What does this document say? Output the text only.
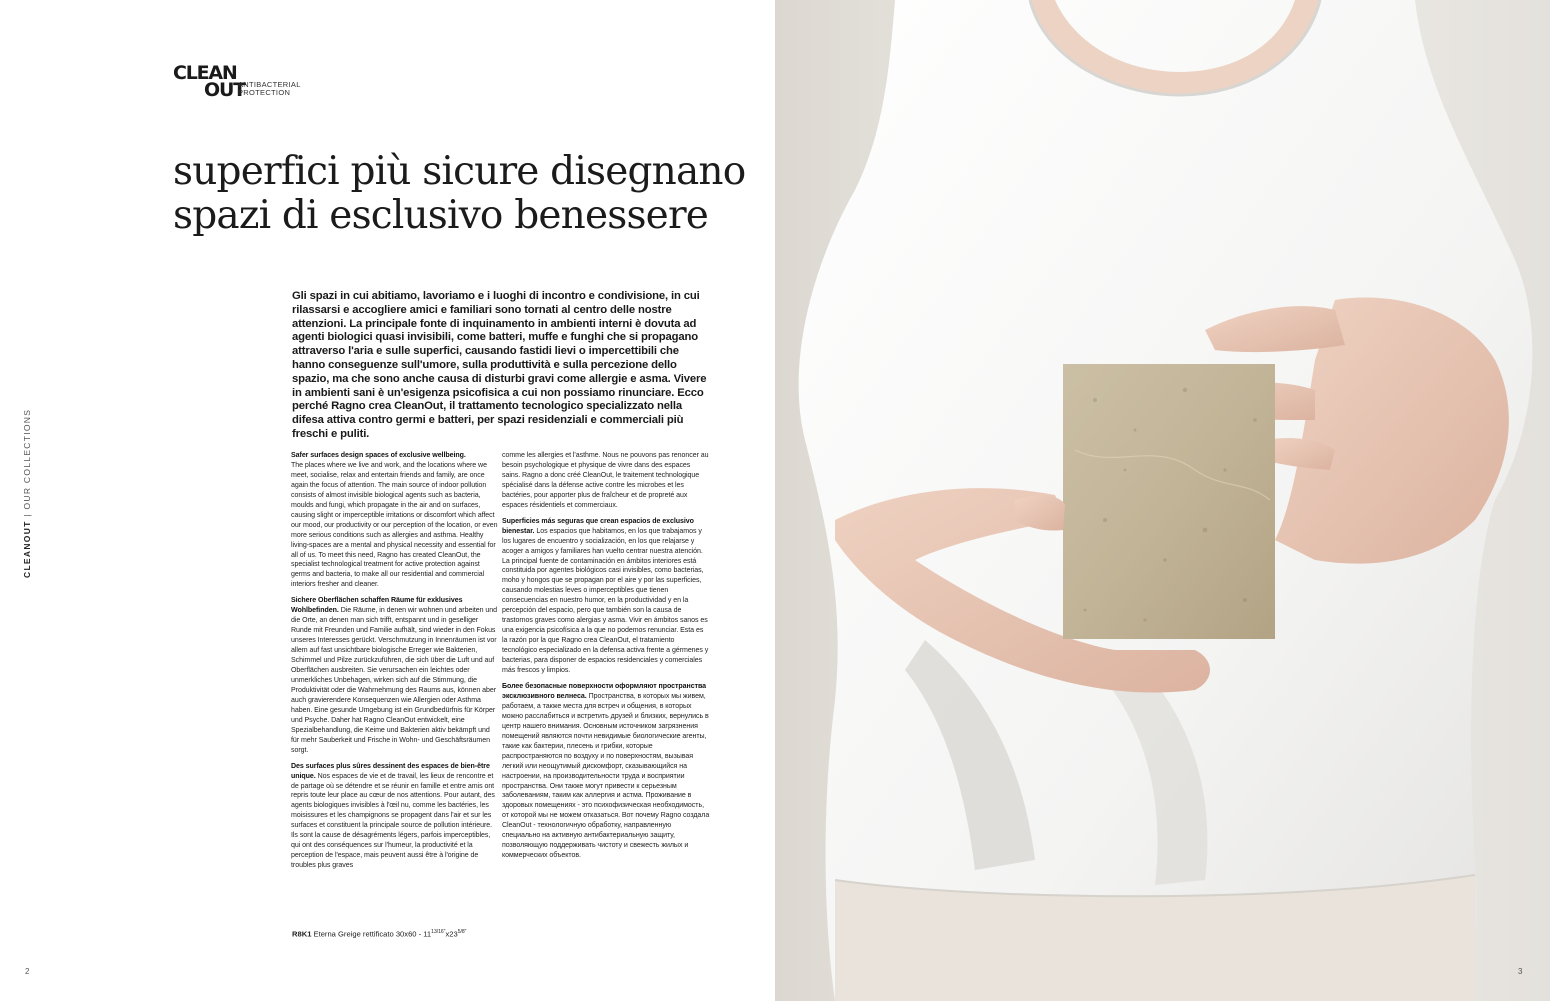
CLEAN
OUT
ANTIBACTERIAL
PROTECTION
superfici più sicure disegnano
spazi di esclusivo benessere
CLEANOUT | OUR COLLECTIONS

Gli spazi in cui abitiamo, lavoriamo e i luoghi di incontro e condivisione, in cui rilassarsi e accogliere amici e familiari sono tornati al centro delle nostre attenzioni. La principale fonte di inquinamento in ambienti interni è dovuta ad agenti biologici quasi invisibili, come batteri, muffe e funghi che si propagano attraverso l'aria e sulle superfici, causando fastidi lievi o impercettibili che hanno conseguenze sull'umore, sulla produttività e sulla percezione dello spazio, ma che sono anche causa di disturbi gravi come allergie e asma. Vivere in ambienti sani è un'esigenza psicofisica a cui non possiamo rinunciare. Ecco perché Ragno crea CleanOut, il trattamento tecnologico specializzato nella difesa attiva contro germi e batteri, per spazi residenziali e commerciali più freschi e puliti.

Safer surfaces design spaces of exclusive wellbeing.
The places where we live and work, and the locations where we meet, socialise, relax and entertain friends and family, are once again the focus of attention. The main source of indoor pollution consists of almost invisible biological agents such as bacteria, moulds and fungi, which propagate in the air and on surfaces, causing slight or imperceptible irritations or discomfort which affect our mood, our productivity or our perception of the location, or even more serious conditions such as allergies and asthma. Healthy living-spaces are a mental and physical necessity and essential for all of us. To meet this need, Ragno has created CleanOut, the specialist technological treatment for active protection against germs and bacteria, to make all our residential and commercial interiors fresher and cleaner.

Sichere Oberflächen schaffen Räume für exklusives Wohlbefinden. Die Räume, in denen wir wohnen und arbeiten und die Orte, an denen man sich trifft, entspannt und in geselliger Runde mit Freunden und Familie aufhält, sind wieder in den Fokus unseres Interesses gerückt. Verschmutzung in Innenräumen ist vor allem auf fast unsichtbare biologische Erreger wie Bakterien, Schimmel und Pilze zurückzuführen, die sich über die Luft und auf Oberflächen ausbreiten. Sie verursachen ein leichtes oder unmerkliches Unbehagen, wirken sich auf die Stimmung, die Produktivität oder die Wahrnehmung des Raums aus, können aber auch gravierendere Konsequenzen wie Allergien oder Asthma haben. Eine gesunde Umgebung ist ein Grundbedürfnis für Körper und Psyche. Daher hat Ragno CleanOut entwickelt, eine Spezialbehandlung, die Keime und Bakterien aktiv bekämpft und für mehr Sauberkeit und Frische in Wohn- und Geschäftsräumen sorgt.

Des surfaces plus sûres dessinent des espaces de bien-être unique. Nos espaces de vie et de travail, les lieux de rencontre et de partage où se détendre et se réunir en famille et entre amis ont repris toute leur place au cœur de nos attentions. Pour autant, des agents biologiques invisibles à l'œil nu, comme les bactéries, les moisissures et les champignons se propagent dans l'air et sur les surfaces et constituent la principale source de pollution intérieure. Ils sont la cause de désagréments légers, parfois imperceptibles, qui ont des conséquences sur l'humeur, la productivité et la perception de l'espace, mais peuvent aussi être à l'origine de troubles plus graves

comme les allergies et l'asthme. Nous ne pouvons pas renoncer au besoin psychologique et physique de vivre dans des espaces sains. Ragno a donc créé CleanOut, le traitement technologique spécialisé dans la défense active contre les microbes et les bactéries, pour apporter plus de fraîcheur et de propreté aux espaces résidentiels et commerciaux.

Superficies más seguras que crean espacios de exclusivo bienestar. Los espacios que habitamos, en los que trabajamos y los lugares de encuentro y socialización, en los que relajarse y acoger a amigos y familiares han vuelto centrar nuestra atención. La principal fuente de contaminación en ámbitos interiores está constituida por agentes biológicos casi invisibles, como bacterias, moho y hongos que se propagan por el aire y por las superficies, causando molestias leves o imperceptibles que tienen consecuencias en nuestro humor, en la productividad y en la percepción del espacio, pero que también son la causa de trastornos graves como alergias y asma. Vivir en ámbitos sanos es una exigencia psicofísica a la que no podemos renunciar. Esta es la razón por la que Ragno crea CleanOut, el tratamiento tecnológico especializado en la defensa activa frente a gérmenes y bacterias, para disponer de espacios residenciales y comerciales más frescos y limpios.

Более безопасные поверхности оформляют пространства эксклюзивного велнеса. Пространства, в которых мы живем, работаем, а также места для встреч и общения, в которых можно расслабиться и встретить друзей и близких, вернулись в центр нашего внимания. Основным источником загрязнения помещений являются почти невидимые биологические агенты, такие как бактерии, плесень и грибки, которые распространяются по воздуху и по поверхностям, вызывая легкий или неощутимый дискомфорт, сказывающийся на настроении, на производительности труда и восприятии пространства. Они также могут привести к серьезным заболеваниям, таким как аллергия и астма. Проживание в здоровых помещениях - это психофизическая необходимость, от которой мы не можем отказаться. Вот почему Ragno создала CleanOut - технологичную обработку, направленную специально на активную антибактериальную защиту, позволяющую поддерживать чистоту и свежесть жилых и коммерческих объектов.

R8K1 Eterna Greige rettificato $30x60 - 11^{13/16"}x23^{5/8"}$
2	3
